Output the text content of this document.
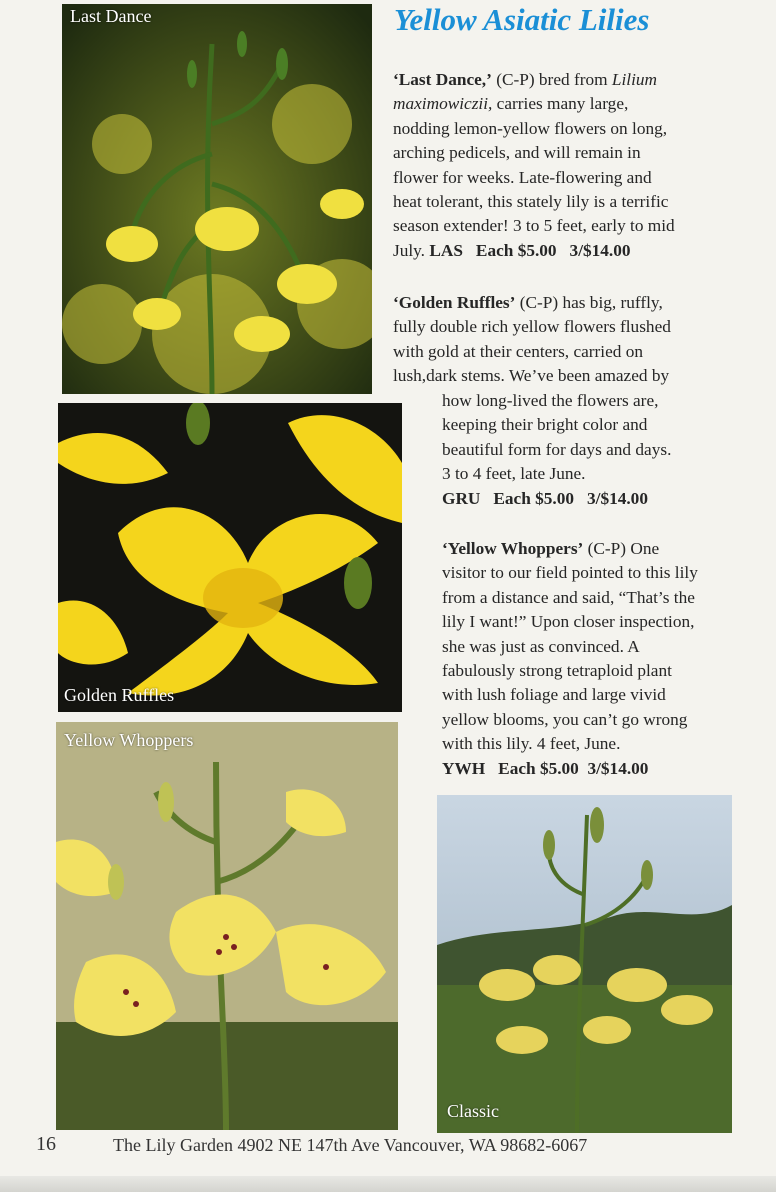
Yellow Asiatic Lilies
Last Dance
Golden Ruffles
Yellow Whoppers
Classic
‘Last Dance,’ (C-P) bred from Lilium
maximowiczii, carries many large,
nodding lemon-yellow flowers on long,
arching pedicels, and will remain in
flower for weeks. Late-flowering and
heat tolerant, this stately lily is a terrific
season extender! 3 to 5 feet, early to mid
July. LAS Each $5.00 3/$14.00
‘Golden Ruffles’ (C-P) has big, ruffly,
fully double rich yellow flowers flushed
with gold at their centers, carried on
lush,dark stems. We’ve been amazed by
how long-lived the flowers are,
keeping their bright color and
beautiful form for days and days.
3 to 4 feet, late June.
GRU Each $5.00 3/$14.00
‘Yellow Whoppers’ (C-P) One
visitor to our field pointed to this lily
from a distance and said, “That’s the
lily I want!” Upon closer inspection,
she was just as convinced. A
fabulously strong tetraploid plant
with lush foliage and large vivid
yellow blooms, you can’t go wrong
with this lily. 4 feet, June.
YWH Each $5.00 3/$14.00
16	The Lily Garden 4902 NE 147th Ave Vancouver, WA 98682-6067
